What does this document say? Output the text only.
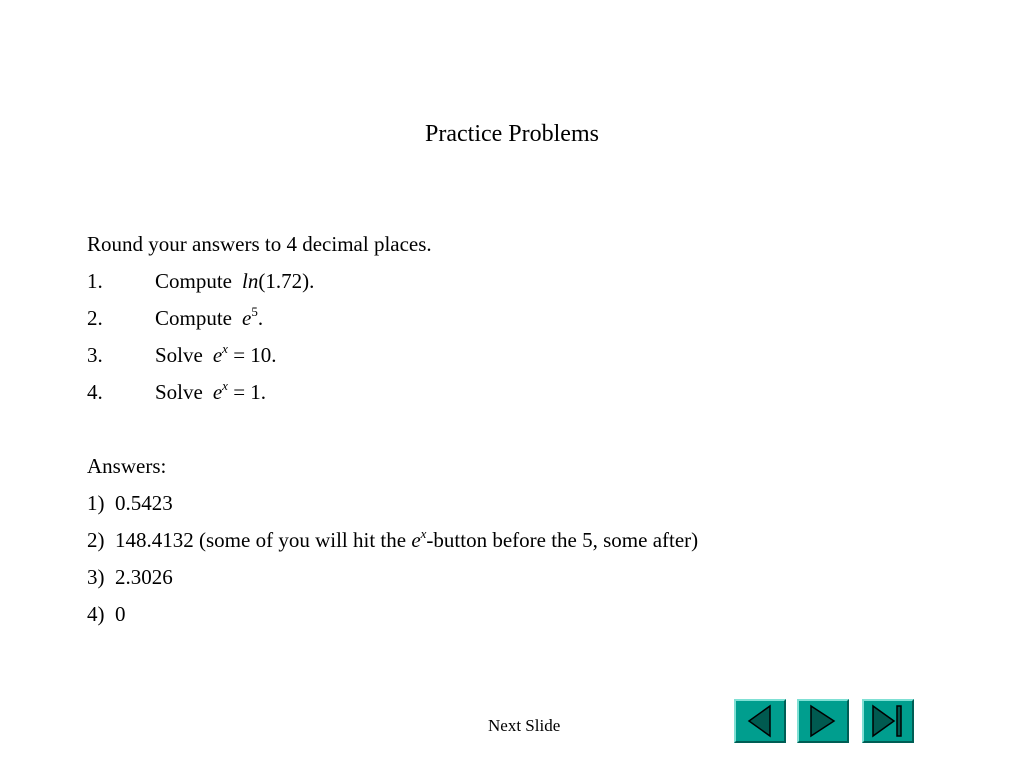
Practice Problems
Round your answers to 4 decimal places.
1. Compute ln(1.72).
2. Compute $e^5$.
3. Solve $e^x = 10$.
4. Solve $e^x = 1$.
Answers:
1) 0.5423
2) 148.4132 (some of you will hit the $e^x$-button before the 5, some after)
3) 2.3026
4) 0
Next Slide
